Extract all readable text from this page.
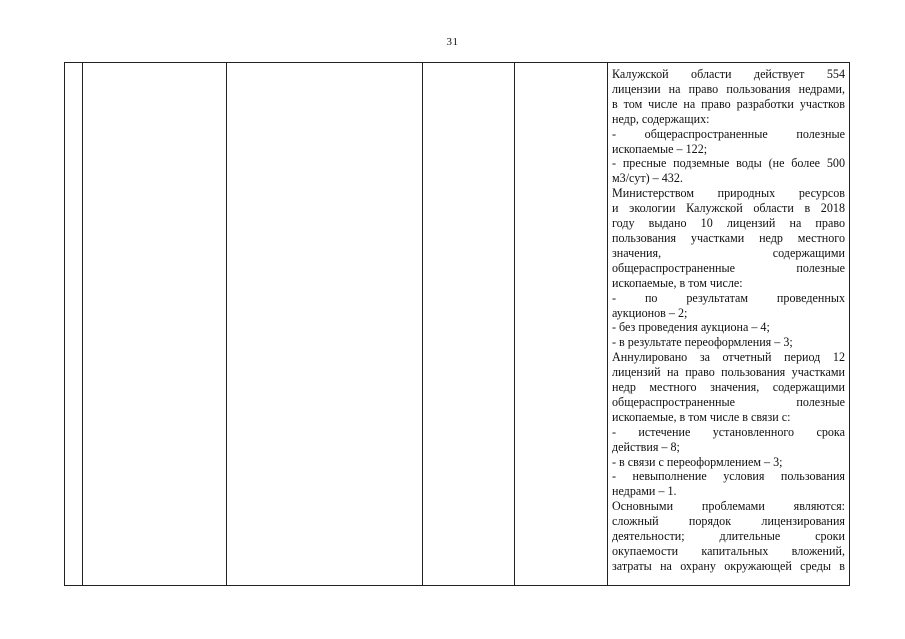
31

Калужской области действует 554
лицензии на право пользования недрами,
в том числе на право разработки участков
недр, содержащих:
- общераспространенные полезные
ископаемые – 122;
- пресные подземные воды (не более 500
м3/сут) – 432.
Министерством природных ресурсов
и экологии Калужской области в 2018
году выдано 10 лицензий на право
пользования участками недр местного
значения, содержащими
общераспространенные полезные
ископаемые, в том числе:
- по результатам проведенных
аукционов – 2;
- без проведения аукциона – 4;
- в результате переоформления – 3;
Аннулировано за отчетный период 12
лицензий на право пользования участками
недр местного значения, содержащими
общераспространенные полезные
ископаемые, в том числе в связи с:
- истечение установленного срока
действия – 8;
- в связи с переоформлением – 3;
- невыполнение условия пользования
недрами – 1.
Основными проблемами являются:
сложный порядок лицензирования
деятельности; длительные сроки
окупаемости капитальных вложений,
затраты на охрану окружающей среды в
